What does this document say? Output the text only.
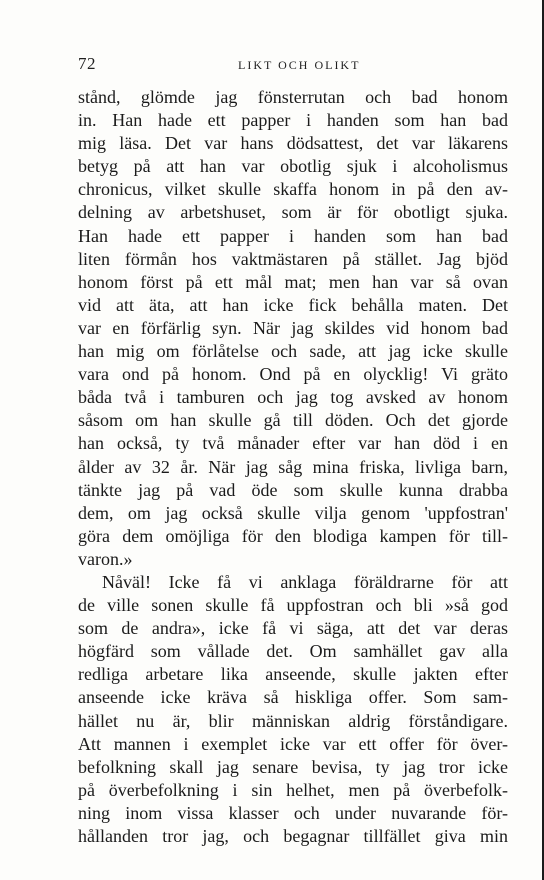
72	LIKT OCH OLIKT
stånd, glömde jag fönsterrutan och bad honom
in. Han hade ett papper i handen som han bad
mig läsa. Det var hans dödsattest, det var läkarens
betyg på att han var obotlig sjuk i alcoholismus
chronicus, vilket skulle skaffa honom in på den av-
delning av arbetshuset, som är för obotligt sjuka.
Han hade ett papper i handen som han bad
liten förmån hos vaktmästaren på stället. Jag bjöd
honom först på ett mål mat; men han var så ovan
vid att äta, att han icke fick behålla maten. Det
var en förfärlig syn. När jag skildes vid honom bad
han mig om förlåtelse och sade, att jag icke skulle
vara ond på honom. Ond på en olycklig! Vi gräto
båda två i tamburen och jag tog avsked av honom
såsom om han skulle gå till döden. Och det gjorde
han också, ty två månader efter var han död i en
ålder av 32 år. När jag såg mina friska, livliga barn,
tänkte jag på vad öde som skulle kunna drabba
dem, om jag också skulle vilja genom 'uppfostran'
göra dem omöjliga för den blodiga kampen för till-
varon.»
Nåväl! Icke få vi anklaga föräldrarne för att
de ville sonen skulle få uppfostran och bli »så god
som de andra», icke få vi säga, att det var deras
högfärd som vållade det. Om samhället gav alla
redliga arbetare lika anseende, skulle jakten efter
anseende icke kräva så hiskliga offer. Som sam-
hället nu är, blir människan aldrig förståndigare.
Att mannen i exemplet icke var ett offer för över-
befolkning skall jag senare bevisa, ty jag tror icke
på överbefolkning i sin helhet, men på överbefolk-
ning inom vissa klasser och under nuvarande för-
hållanden tror jag, och begagnar tillfället giva min
